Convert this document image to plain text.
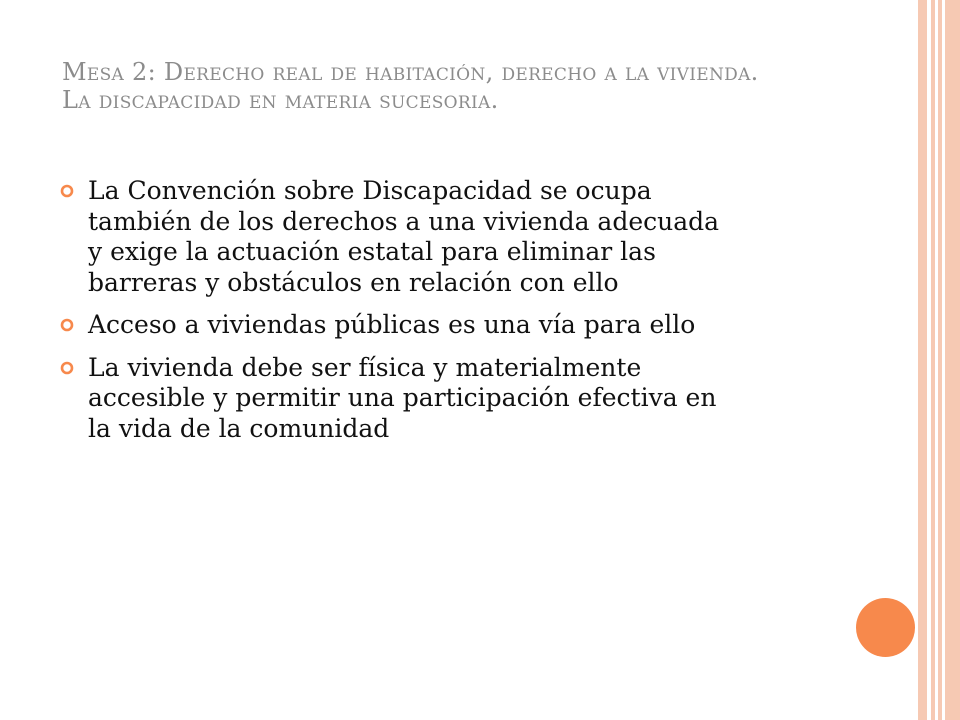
Mesa 2: Derecho real de habitación, derecho a la vivienda.
La discapacidad en materia sucesoria.
La Convención sobre Discapacidad se ocupa
también de los derechos a una vivienda adecuada
y exige la actuación estatal para eliminar las
barreras y obstáculos en relación con ello
Acceso a viviendas públicas es una vía para ello
La vivienda debe ser física y materialmente
accesible y permitir una participación efectiva en
la vida de la comunidad
